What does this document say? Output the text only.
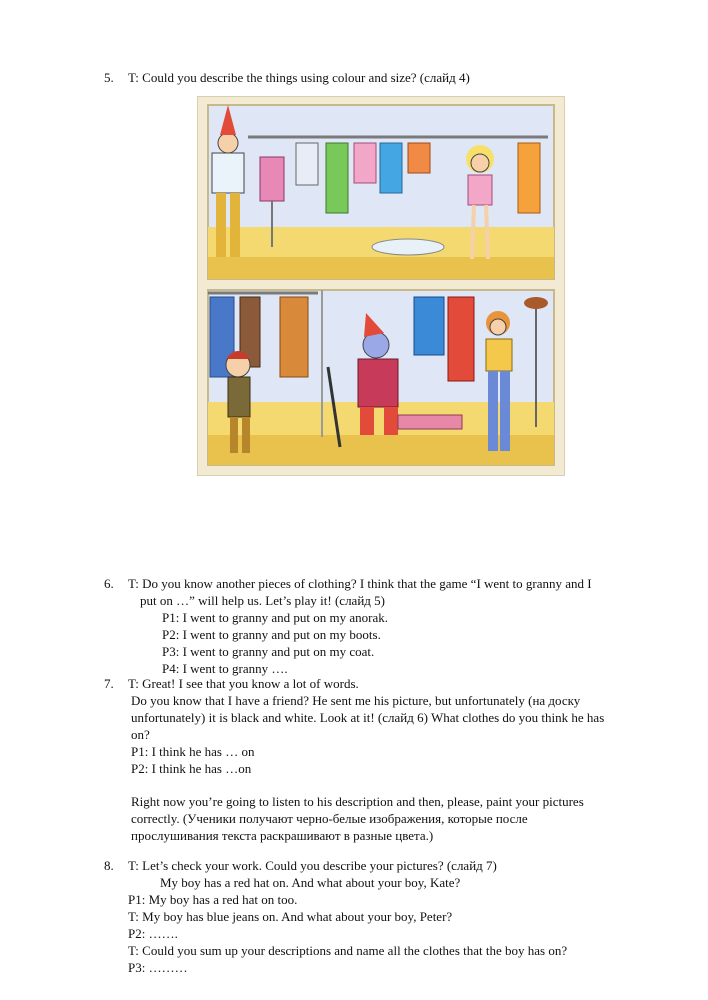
5. T: Could you describe the things using colour and size? (слайд 4)
6. T: Do you know another pieces of clothing? I think that the game “I went to granny and I
put on …” will help us. Let’s play it! (слайд 5)
P1: I went to granny and put on my anorak.
P2: I went to granny and put on my boots.
P3: I went to granny and put on my coat.
P4: I went to granny ….
7. T: Great! I see that you know a lot of words.
Do you know that I have a friend? He sent me his picture, but unfortunately (на доску
unfortunately) it is black and white. Look at it! (слайд 6) What clothes do you think he has
on?
P1: I think he has … on
P2: I think he has …on
Right now you’re going to listen to his description and then, please, paint your pictures
correctly. (Ученики получают черно-белые изображения, которые после
прослушивания текста раскрашивают в разные цвета.)
8. T: Let’s check your work. Could you describe your pictures? (слайд 7)
My boy has a red hat on. And what about your boy, Kate?
P1: My boy has a red hat on too.
T: My boy has blue jeans on. And what about your boy, Peter?
P2: …….
T: Could you sum up your descriptions and name all the clothes that the boy has on?
P3: ………
